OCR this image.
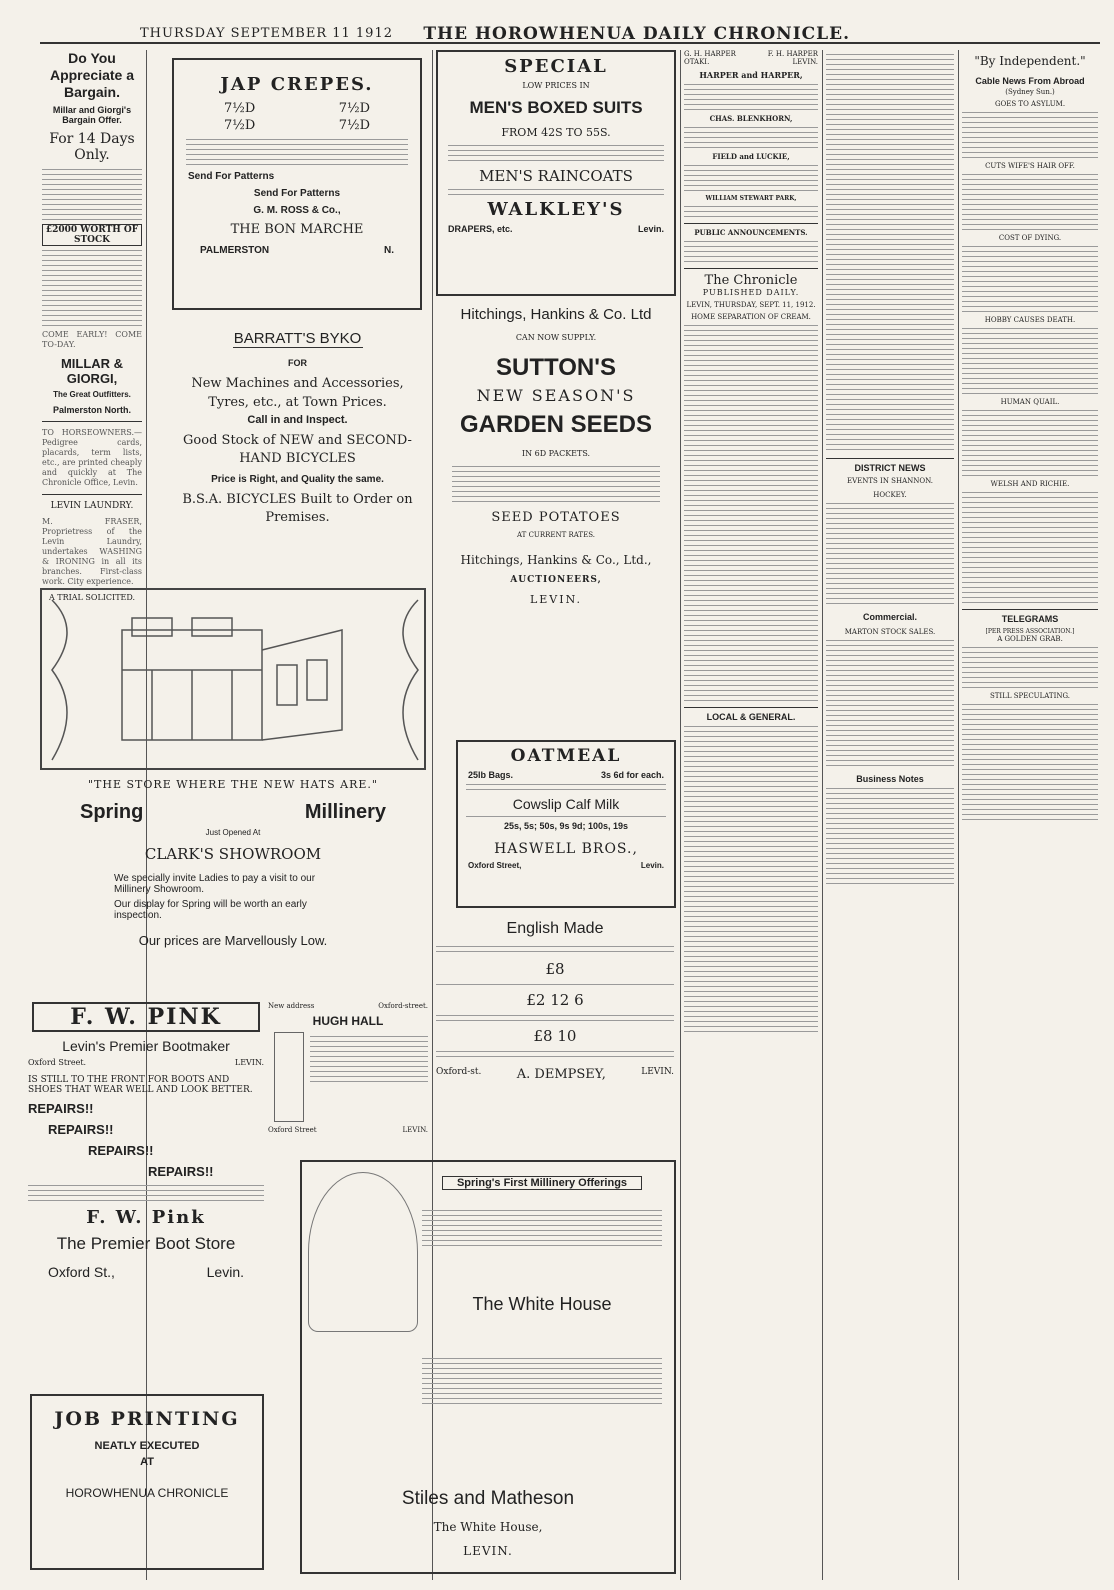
THURSDAY SEPTEMBER 11 1912 THE HOROWHENUA DAILY CHRONICLE.
Do You Appreciate a Bargain.
Millar and Giorgi's Bargain Offer.
For 14 Days Only.
£2000 WORTH OF STOCK
COME EARLY! COME TO-DAY.
MILLAR & GIORGI,
The Great Outfitters.
Palmerston North.
TO HORSEOWNERS.—Pedigree cards, placards, term lists, etc., are printed cheaply and quickly at The Chronicle Office, Levin.
LEVIN LAUNDRY.
M. FRASER, Proprietress of the Levin Laundry, undertakes WASHING & IRONING in all its branches. First-class work. City experience.
A TRIAL SOLICITED.
JAP CREPES.
7½D	7½D
7½D	7½D
Send For Patterns
Send For Patterns
G. M. ROSS & Co.,
THE BON MARCHE
PALMERSTON	N.
BARRATT'S BYKO
FOR
New Machines and Accessories,
Tyres, etc., at Town Prices.
Call in and Inspect.
Good Stock of NEW and SECOND-HAND BICYCLES
Price is Right, and Quality the same.
B.S.A. BICYCLES Built to Order on Premises.
"THE STORE WHERE THE NEW HATS ARE."
Spring	Millinery
Just Opened At
CLARK'S SHOWROOM
We specially invite Ladies to pay a visit to our Millinery Showroom.
Our display for Spring will be worth an early inspection.
Our prices are Marvellously Low.
F. W. PINK
Levin's Premier Bootmaker
Oxford Street.	LEVIN.
IS STILL TO THE FRONT FOR BOOTS AND SHOES THAT WEAR WELL AND LOOK BETTER.
REPAIRS!!
REPAIRS!!
REPAIRS!!
REPAIRS!!
F. W. Pink
The Premier Boot Store
Oxford St.,	Levin.
JOB PRINTING
NEATLY EXECUTED
AT
HOROWHENUA CHRONICLE
New address	Oxford-street.
HUGH HALL
Oxford Street	LEVIN.
Spring's First Millinery Offerings
The White House
Stiles and Matheson
The White House,
LEVIN.
SPECIAL
LOW PRICES IN
MEN'S BOXED SUITS
FROM 42S TO 55S.
MEN'S RAINCOATS
WALKLEY'S
DRAPERS, etc.	Levin.
Hitchings, Hankins & Co. Ltd
CAN NOW SUPPLY.
SUTTON'S
NEW SEASON'S
GARDEN SEEDS
IN 6D PACKETS.
SEED POTATOES
AT CURRENT RATES.
Hitchings, Hankins & Co., Ltd.,
AUCTIONEERS,
LEVIN.
OATMEAL
25lb Bags.	3s 6d for each.
Cowslip Calf Milk
25s, 5s; 50s, 9s 9d; 100s, 19s
HASWELL BROS.,
Oxford Street,	Levin.
English Made
£8
£2 12 6
£8 10
Oxford-st.	A. DEMPSEY,	LEVIN.
G. H. HARPER	F. H. HARPER
OTAKI.	LEVIN.
HARPER and HARPER,
CHAS. BLENKHORN,
FIELD and LUCKIE,
WILLIAM STEWART PARK,
PUBLIC ANNOUNCEMENTS.
The Chronicle
PUBLISHED DAILY.
LEVIN, THURSDAY, SEPT. 11, 1912.
HOME SEPARATION OF CREAM.
LOCAL & GENERAL.
DISTRICT NEWS
EVENTS IN SHANNON.
HOCKEY.
Commercial.
MARTON STOCK SALES.
Business Notes
"By Independent."
Cable News From Abroad
(Sydney Sun.)
GOES TO ASYLUM.
CUTS WIFE'S HAIR OFF.
COST OF DYING.
HOBBY CAUSES DEATH.
HUMAN QUAIL.
WELSH AND RICHIE.
TELEGRAMS
[PER PRESS ASSOCIATION.]
A GOLDEN GRAB.
STILL SPECULATING.
